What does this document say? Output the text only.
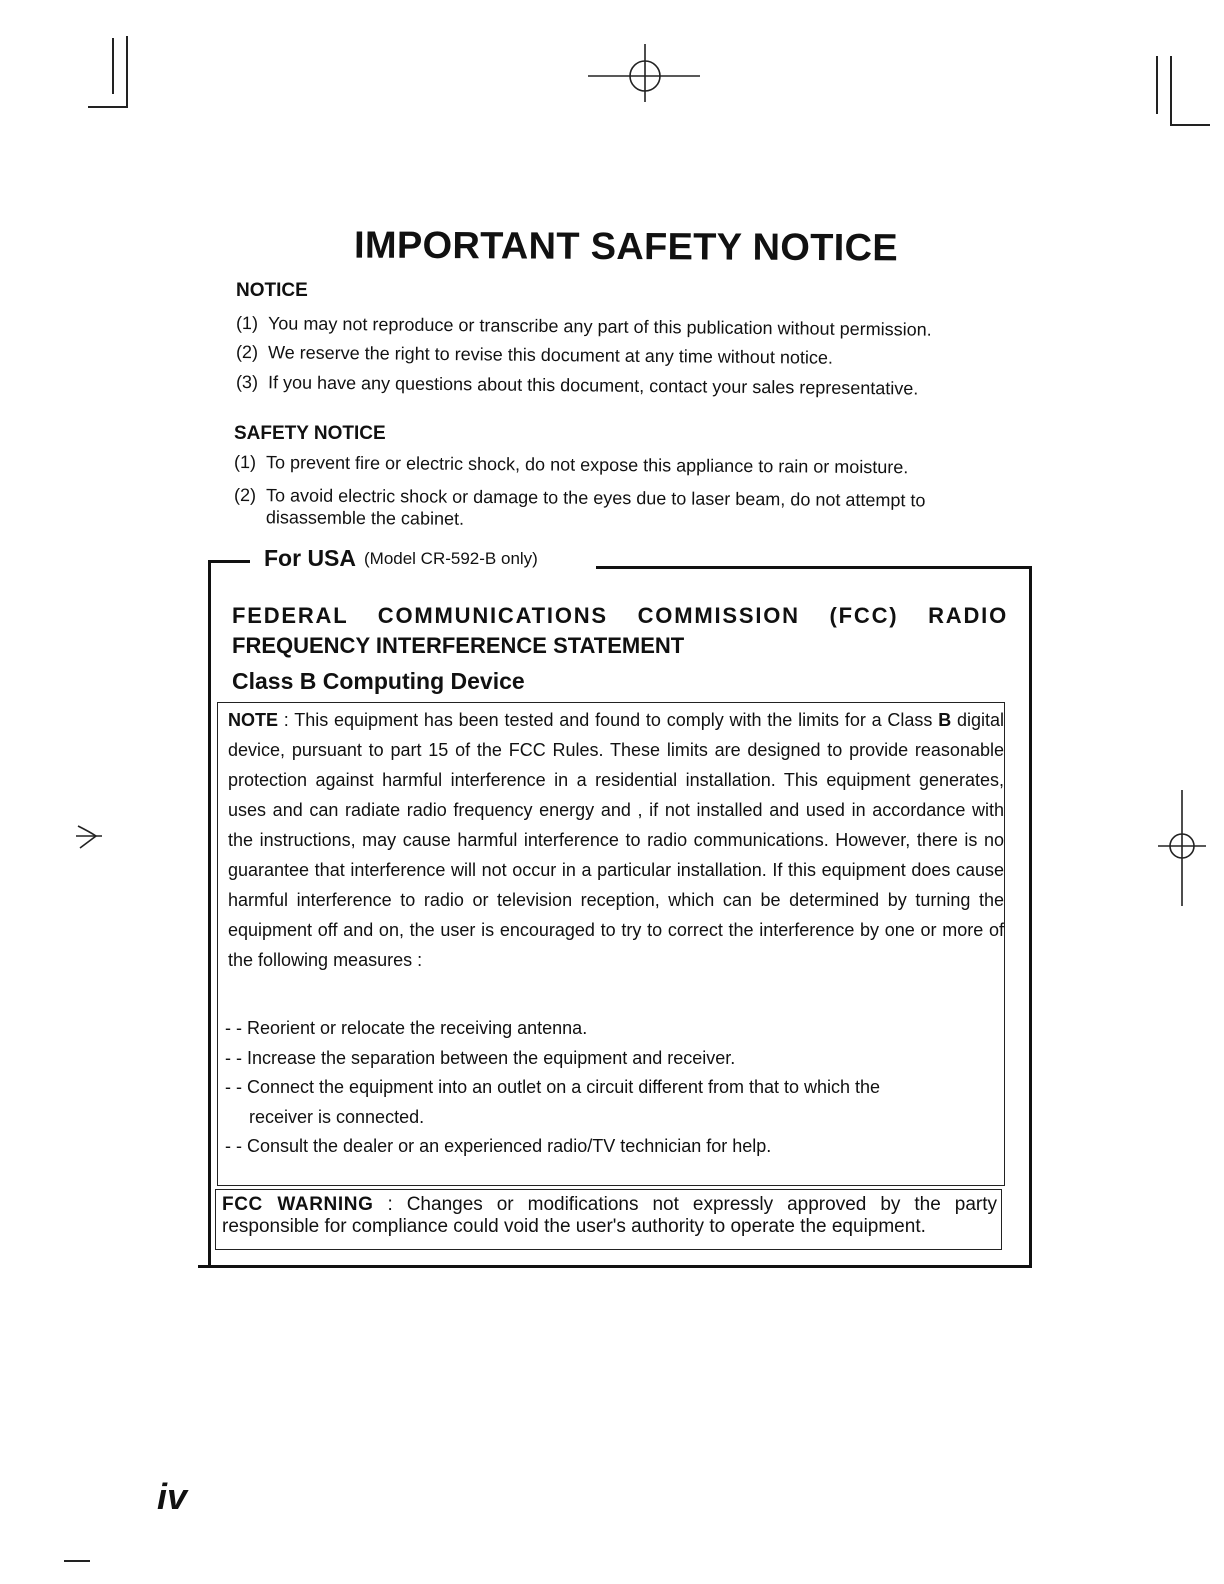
IMPORTANT SAFETY NOTICE
NOTICE
(1) You may not reproduce or transcribe any part of this publication without permission.
(2) We reserve the right to revise this document at any time without notice.
(3) If you have any questions about this document, contact your sales representative.
SAFETY NOTICE
(1) To prevent fire or electric shock, do not expose this appliance to rain or moisture.
(2) To avoid electric shock or damage to the eyes due to laser beam, do not attempt to
disassemble the cabinet.
For USA (Model CR-592-B only)
FEDERAL COMMUNICATIONS COMMISSION (FCC) RADIO
FREQUENCY INTERFERENCE STATEMENT
Class B Computing Device
NOTE : This equipment has been tested and found to comply with the limits for a Class B digital device, pursuant to part 15 of the FCC Rules. These limits are designed to provide reasonable protection against harmful interference in a residential installation. This equipment generates, uses and can radiate radio frequency energy and , if not installed and used in accordance with the instructions, may cause harmful interference to radio communications. However, there is no guarantee that interference will not occur in a particular installation. If this equipment does cause harmful interference to radio or television reception, which can be determined by turning the equipment off and on, the user is encouraged to try to correct the interference by one or more of the following measures :
- - Reorient or relocate the receiving antenna.
- - Increase the separation between the equipment and receiver.
- - Connect the equipment into an outlet on a circuit different from that to which the
receiver is connected.
- - Consult the dealer or an experienced radio/TV technician for help.
FCC WARNING : Changes or modifications not expressly approved by the party responsible for compliance could void the user's authority to operate the equipment.
iv
